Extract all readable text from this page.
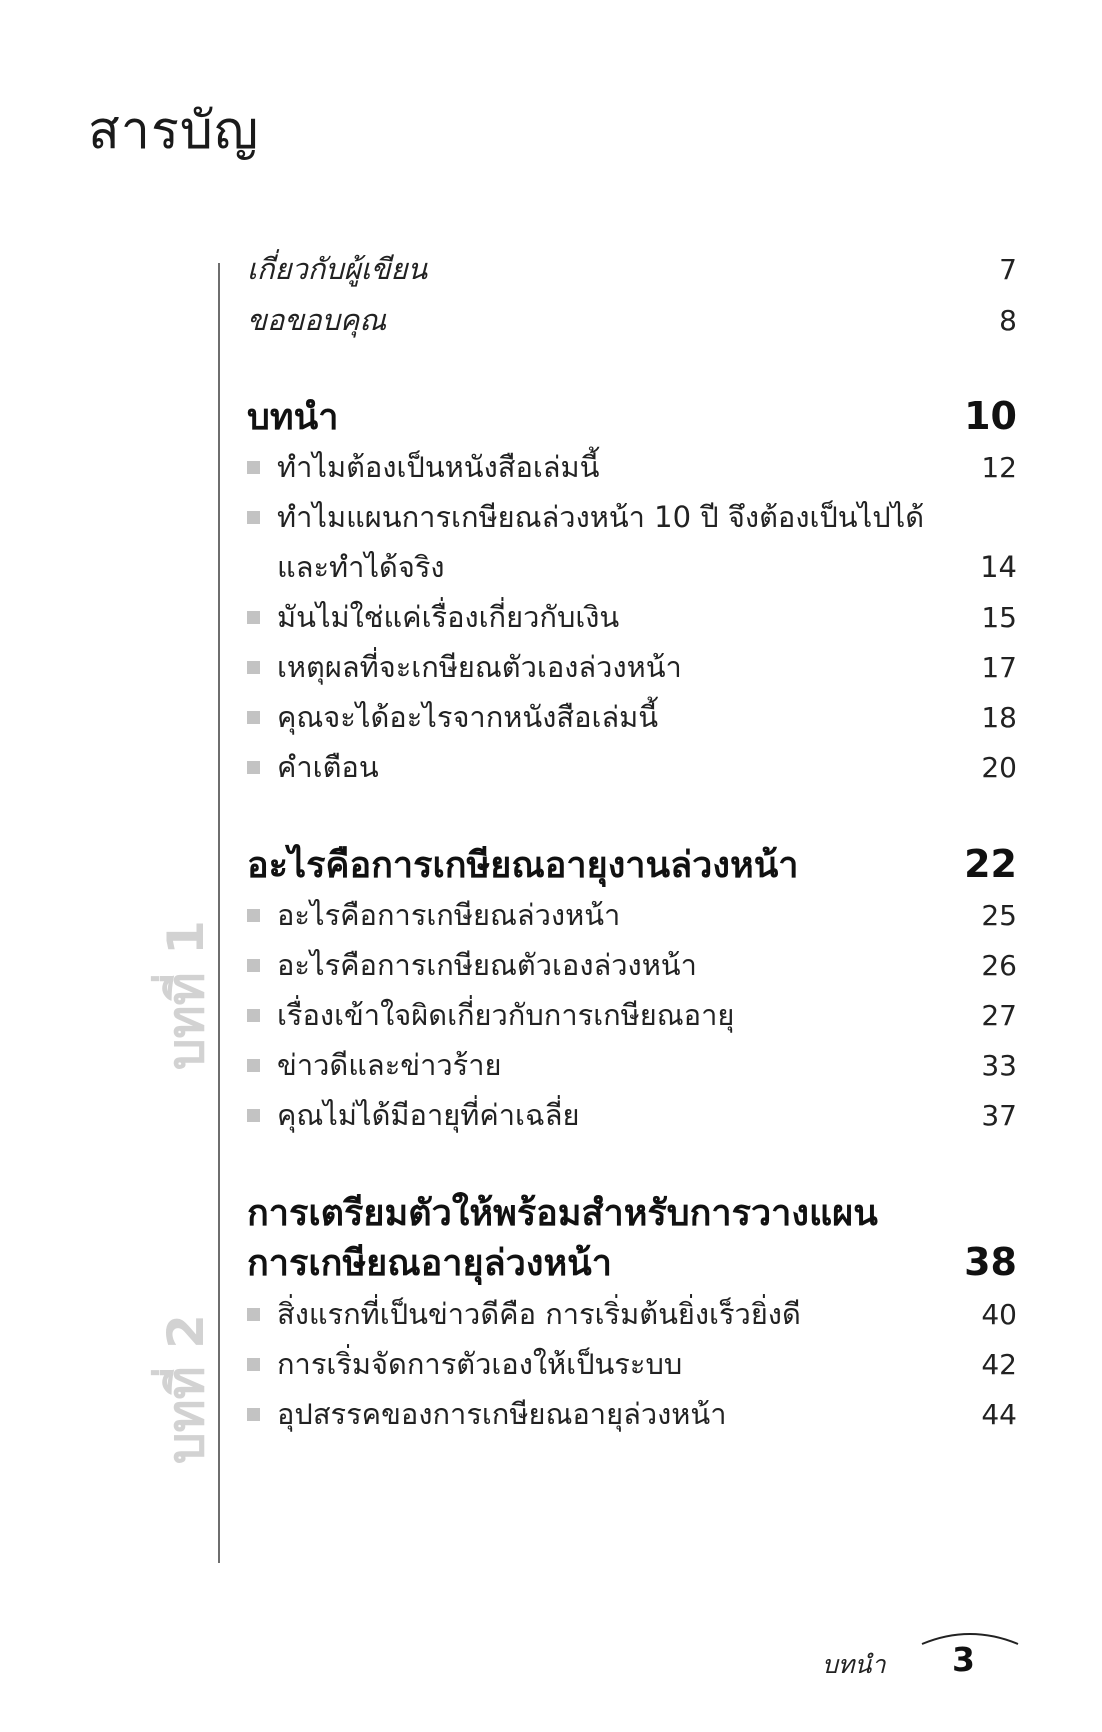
สารบัญ
บทที่ 1
บทที่ 2
เกี่ยวกับผู้เขียน	7
ขอขอบคุณ	8
บทนำ	10
ทำไมต้องเป็นหนังสือเล่มนี้	12
ทำไมแผนการเกษียณล่วงหน้า 10 ปี จึงต้องเป็นไปได้
และทำได้จริง	14
มันไม่ใช่แค่เรื่องเกี่ยวกับเงิน	15
เหตุผลที่จะเกษียณตัวเองล่วงหน้า	17
คุณจะได้อะไรจากหนังสือเล่มนี้	18
คำเตือน	20
อะไรคือการเกษียณอายุงานล่วงหน้า	22
อะไรคือการเกษียณล่วงหน้า	25
อะไรคือการเกษียณตัวเองล่วงหน้า	26
เรื่องเข้าใจผิดเกี่ยวกับการเกษียณอายุ	27
ข่าวดีและข่าวร้าย	33
คุณไม่ได้มีอายุที่ค่าเฉลี่ย	37
การเตรียมตัวให้พร้อมสำหรับการวางแผน
การเกษียณอายุล่วงหน้า	38
สิ่งแรกที่เป็นข่าวดีคือ การเริ่มต้นยิ่งเร็วยิ่งดี	40
การเริ่มจัดการตัวเองให้เป็นระบบ	42
อุปสรรคของการเกษียณอายุล่วงหน้า	44
บทนำ 3
